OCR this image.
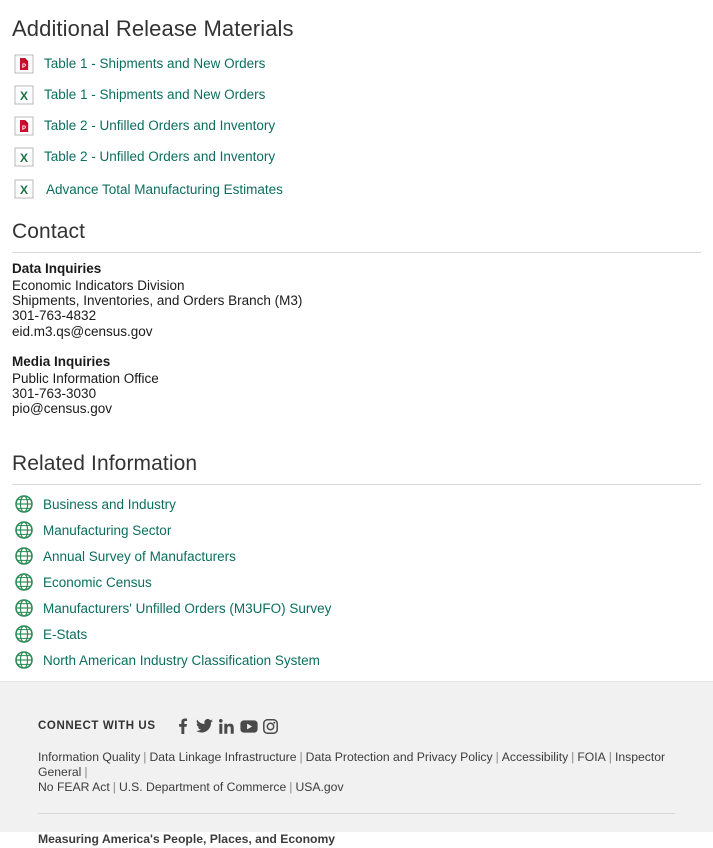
Additional Release Materials
P Table 1 - Shipments and New Orders
X Table 1 - Shipments and New Orders
P Table 2 - Unfilled Orders and Inventory
X Table 2 - Unfilled Orders and Inventory
X Advance Total Manufacturing Estimates
Contact

Data Inquiries

Economic Indicators Division

Shipments, Inventories, and Orders Branch (M3)

301-763-4832

eid.m3.qs@census.gov

Media Inquiries

Public Information Office

301-763-3030

pio@census.gov

Related Information
Business and Industry
Manufacturing Sector
Annual Survey of Manufacturers
Economic Census
Manufacturers' Unfilled Orders (M3UFO) Survey
E-Stats
North American Industry Classification System
CONNECT WITH US
Information Quality | Data Linkage Infrastructure | Data Protection and Privacy Policy | Accessibility | FOIA | Inspector General |
No FEAR Act | U.S. Department of Commerce | USA.gov
Measuring America's People, Places, and Economy
